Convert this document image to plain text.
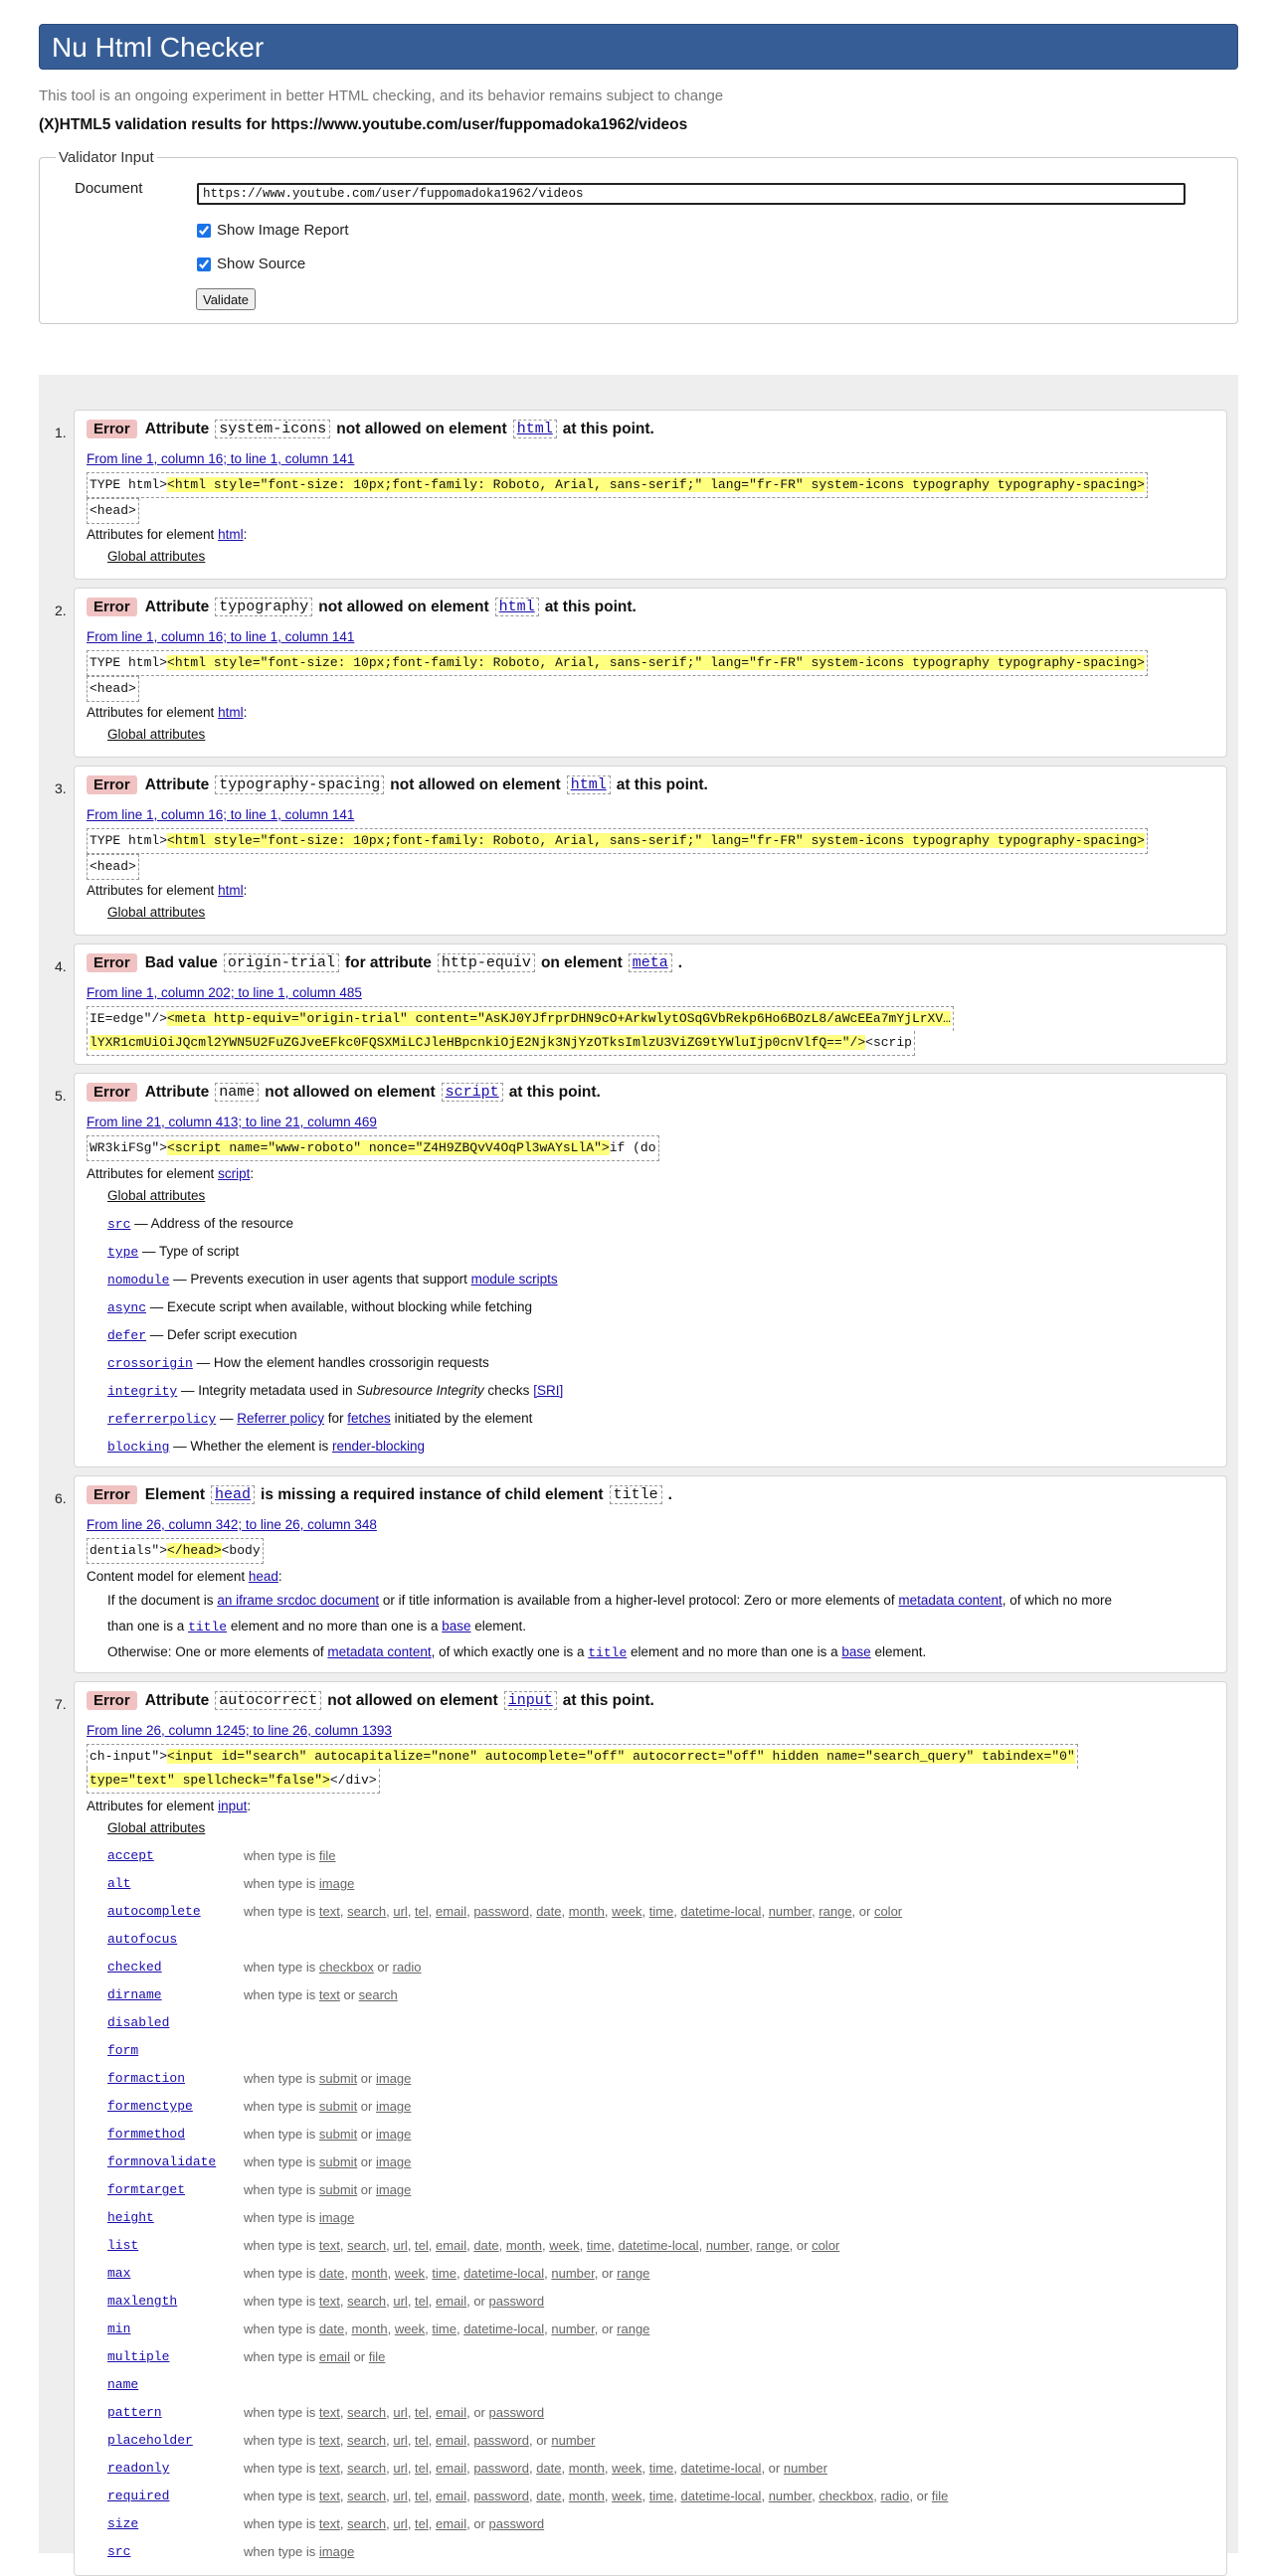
Nu Html Checker
This tool is an ongoing experiment in better HTML checking, and its behavior remains subject to change
(X)HTML5 validation results for https://www.youtube.com/user/fuppomadoka1962/videos
Validator Input
Document
https://www.youtube.com/user/fuppomadoka1962/videos
Show Image Report
Show Source
Validate
1.	Error Attribute system-icons not allowed on element html at this point.
From line 1, column 16; to line 1, column 141
TYPE html><html style="font-size: 10px;font-family: Roboto, Arial, sans-serif;" lang="fr-FR" system-icons typography typography-spacing>
<head>
Attributes for element html:
Global attributes
2.	Error Attribute typography not allowed on element html at this point.
From line 1, column 16; to line 1, column 141
TYPE html><html style="font-size: 10px;font-family: Roboto, Arial, sans-serif;" lang="fr-FR" system-icons typography typography-spacing>
<head>
Attributes for element html:
Global attributes
3.	Error Attribute typography-spacing not allowed on element html at this point.
From line 1, column 16; to line 1, column 141
TYPE html><html style="font-size: 10px;font-family: Roboto, Arial, sans-serif;" lang="fr-FR" system-icons typography typography-spacing>
<head>
Attributes for element html:
Global attributes
4.	Error Bad value origin-trial for attribute http-equiv on element meta .
From line 1, column 202; to line 1, column 485
IE=edge"/><meta http-equiv="origin-trial" content="AsKJ0YJfrprDHN9cO+ArkwlytOSqGVbRekp6Ho6BOzL8/aWcEEa7mYjLrXV…
lYXR1cmUiOiJQcml2YWN5U2FuZGJveEFkc0FQSXMiLCJleHBpcnkiOjE2Njk3NjYzOTksImlzU3ViZG9tYWluIjp0cnVlfQ=="/><scrip
5.	Error Attribute name not allowed on element script at this point.
From line 21, column 413; to line 21, column 469
WR3kiFSg"><script name="www-roboto" nonce="Z4H9ZBQvV4OqPl3wAYsLlA">if (do
Attributes for element script:
Global attributes
src — Address of the resource
type — Type of script
nomodule — Prevents execution in user agents that support module scripts
async — Execute script when available, without blocking while fetching
defer — Defer script execution
crossorigin — How the element handles crossorigin requests
integrity — Integrity metadata used in Subresource Integrity checks [SRI]
referrerpolicy — Referrer policy for fetches initiated by the element
blocking — Whether the element is render-blocking
6.	Error Element head is missing a required instance of child element title .
From line 26, column 342; to line 26, column 348
dentials"></head><body
Content model for element head:
If the document is an iframe srcdoc document or if title information is available from a higher-level protocol: Zero or more elements of metadata content, of which no more
than one is a title element and no more than one is a base element.
Otherwise: One or more elements of metadata content, of which exactly one is a title element and no more than one is a base element.
7.	Error Attribute autocorrect not allowed on element input at this point.
From line 26, column 1245; to line 26, column 1393
ch-input"><input id="search" autocapitalize="none" autocomplete="off" autocorrect="off" hidden name="search_query" tabindex="0"
type="text" spellcheck="false"></div>
Attributes for element input:
Global attributes
accept	when type is file
alt	when type is image
autocomplete	when type is text, search, url, tel, email, password, date, month, week, time, datetime-local, number, range, or color
autofocus
checked	when type is checkbox or radio
dirname	when type is text or search
disabled
form
formaction	when type is submit or image
formenctype	when type is submit or image
formmethod	when type is submit or image
formnovalidate when type is submit or image
formtarget	when type is submit or image
height	when type is image
list	when type is text, search, url, tel, email, date, month, week, time, datetime-local, number, range, or color
max	when type is date, month, week, time, datetime-local, number, or range
maxlength	when type is text, search, url, tel, email, or password
min	when type is date, month, week, time, datetime-local, number, or range
multiple	when type is email or file
name
pattern	when type is text, search, url, tel, email, or password
placeholder	when type is text, search, url, tel, email, password, or number
readonly	when type is text, search, url, tel, email, password, date, month, week, time, datetime-local, or number
required	when type is text, search, url, tel, email, password, date, month, week, time, datetime-local, number, checkbox, radio, or file
size	when type is text, search, url, tel, email, or password
src	when type is image
